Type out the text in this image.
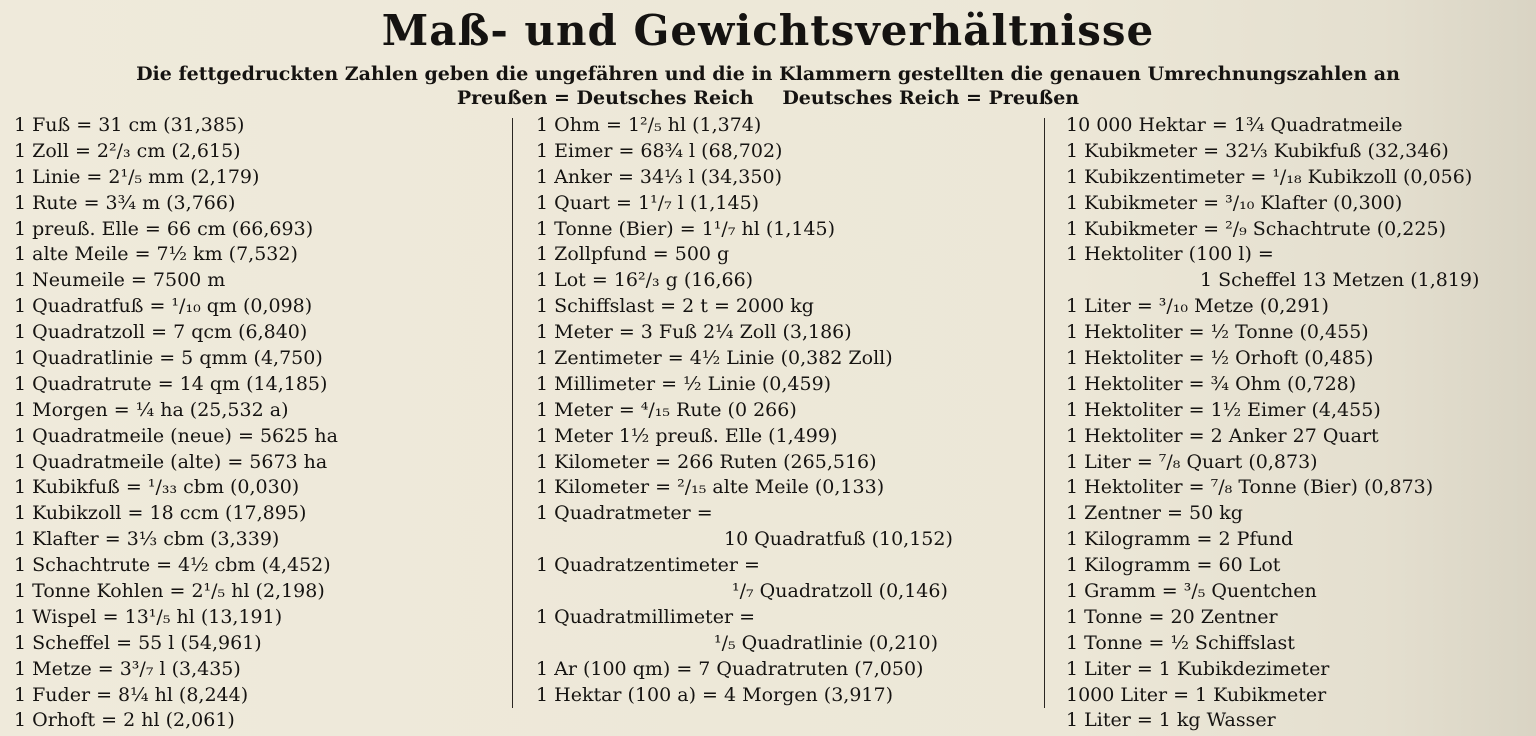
Maß- und Gewichtsverhältnisse
Die fettgedruckten Zahlen geben die ungefähren und die in Klammern gestellten die genauen Umrechnungszahlen an
Preußen = Deutsches Reich Deutsches Reich = Preußen
1 Fuß = 31 cm (31,385)
1 Zoll = 2²/₃ cm (2,615)
1 Linie = 2¹/₅ mm (2,179)
1 Rute = 3¾ m (3,766)
1 preuß. Elle = 66 cm (66,693)
1 alte Meile = 7½ km (7,532)
1 Neumeile = 7500 m
1 Quadratfuß = ¹/₁₀ qm (0,098)
1 Quadratzoll = 7 qcm (6,840)
1 Quadratlinie = 5 qmm (4,750)
1 Quadratrute = 14 qm (14,185)
1 Morgen = ¼ ha (25,532 a)
1 Quadratmeile (neue) = 5625 ha
1 Quadratmeile (alte) = 5673 ha
1 Kubikfuß = ¹/₃₃ cbm (0,030)
1 Kubikzoll = 18 ccm (17,895)
1 Klafter = 3⅓ cbm (3,339)
1 Schachtrute = 4½ cbm (4,452)
1 Tonne Kohlen = 2¹/₅ hl (2,198)
1 Wispel = 13¹/₅ hl (13,191)
1 Scheffel = 55 l (54,961)
1 Metze = 3³/₇ l (3,435)
1 Fuder = 8¼ hl (8,244)
1 Orhoft = 2 hl (2,061)
1 Ohm = 1²/₅ hl (1,374)
1 Eimer = 68¾ l (68,702)
1 Anker = 34⅓ l (34,350)
1 Quart = 1¹/₇ l (1,145)
1 Tonne (Bier) = 1¹/₇ hl (1,145)
1 Zollpfund = 500 g
1 Lot = 16²/₃ g (16,66)
1 Schiffslast = 2 t = 2000 kg
1 Meter = 3 Fuß 2¼ Zoll (3,186)
1 Zentimeter = 4½ Linie (0,382 Zoll)
1 Millimeter = ½ Linie (0,459)
1 Meter = ⁴/₁₅ Rute (0 266)
1 Meter 1½ preuß. Elle (1,499)
1 Kilometer = 266 Ruten (265,516)
1 Kilometer = ²/₁₅ alte Meile (0,133)
1 Quadratmeter =
10 Quadratfuß (10,152)
1 Quadratzentimeter =
¹/₇ Quadratzoll (0,146)
1 Quadratmillimeter =
¹/₅ Quadratlinie (0,210)
1 Ar (100 qm) = 7 Quadratruten (7,050)
1 Hektar (100 a) = 4 Morgen (3,917)
10 000 Hektar = 1¾ Quadratmeile
1 Kubikmeter = 32⅓ Kubikfuß (32,346)
1 Kubikzentimeter = ¹/₁₈ Kubikzoll (0,056)
1 Kubikmeter = ³/₁₀ Klafter (0,300)
1 Kubikmeter = ²/₉ Schachtrute (0,225)
1 Hektoliter (100 l) =
1 Scheffel 13 Metzen (1,819)
1 Liter = ³/₁₀ Metze (0,291)
1 Hektoliter = ½ Tonne (0,455)
1 Hektoliter = ½ Orhoft (0,485)
1 Hektoliter = ¾ Ohm (0,728)
1 Hektoliter = 1½ Eimer (4,455)
1 Hektoliter = 2 Anker 27 Quart
1 Liter = ⁷/₈ Quart (0,873)
1 Hektoliter = ⁷/₈ Tonne (Bier) (0,873)
1 Zentner = 50 kg
1 Kilogramm = 2 Pfund
1 Kilogramm = 60 Lot
1 Gramm = ³/₅ Quentchen
1 Tonne = 20 Zentner
1 Tonne = ½ Schiffslast
1 Liter = 1 Kubikdezimeter
1000 Liter = 1 Kubikmeter
1 Liter = 1 kg Wasser
